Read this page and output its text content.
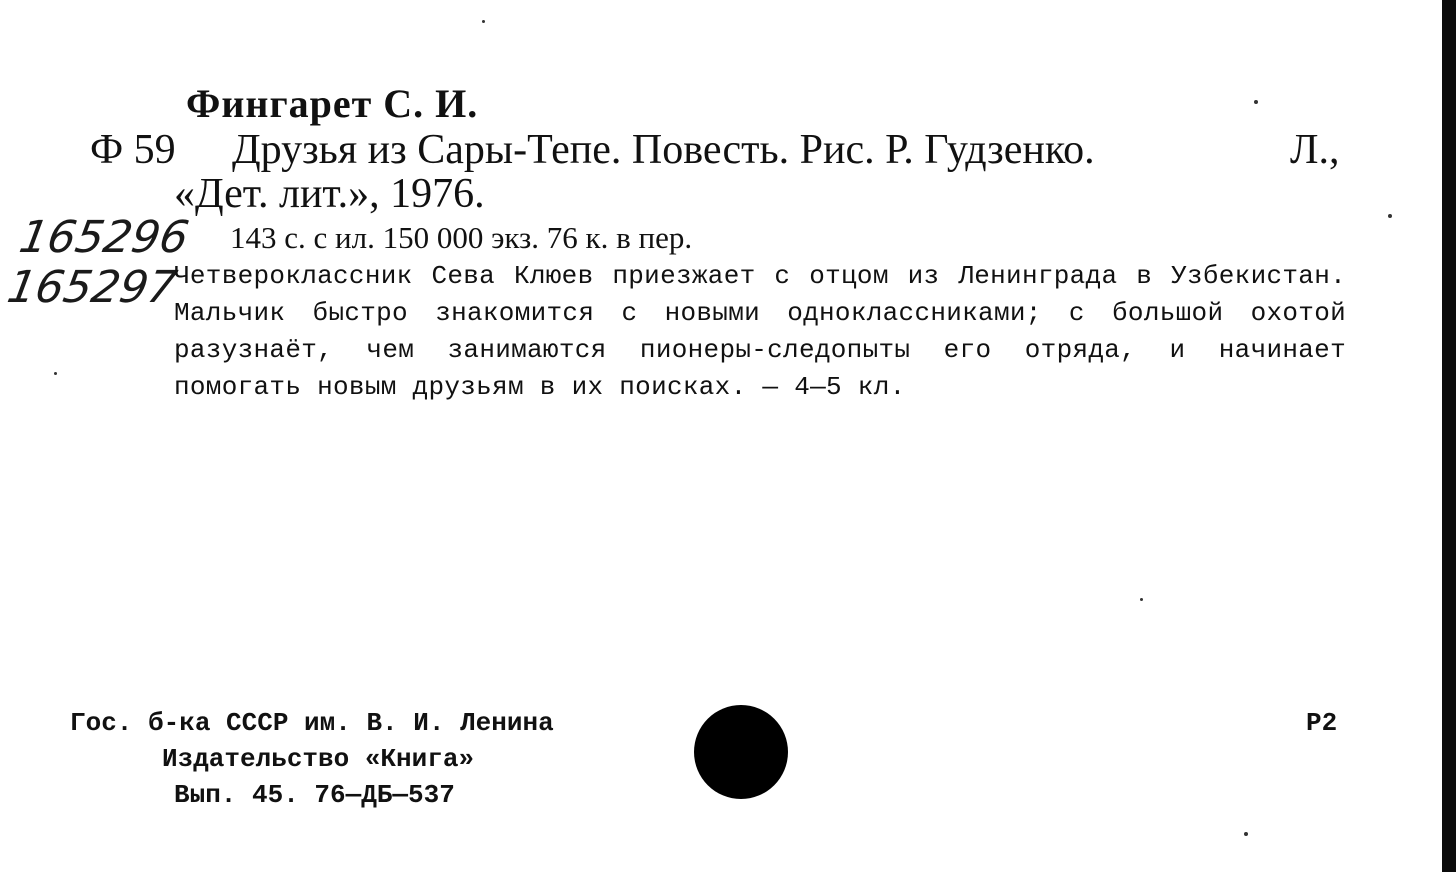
Фингарет С. И.

Ф 59 Друзья из Сары-Тепе. Повесть. Рис. Р. Гудзенко.	Л.,

«Дет. лит.», 1976.

143 с. с ил. 150 000 экз. 76 к. в пер.

165296
165297

Четвероклассник Сева Клюев приезжает с отцом из Ленинграда в Узбекистан. Мальчик быстро знакомится с новыми одноклассниками; с большой охотой разузнаёт, чем занимаются пионеры-следопыты его отряда, и начинает помогать новым друзьям в их поисках. — 4—5 кл.

Гос. б-ка СССР им. В. И. Ленина

Издательство «Книга»

Вып. 45. 76—ДБ—537

Р2
